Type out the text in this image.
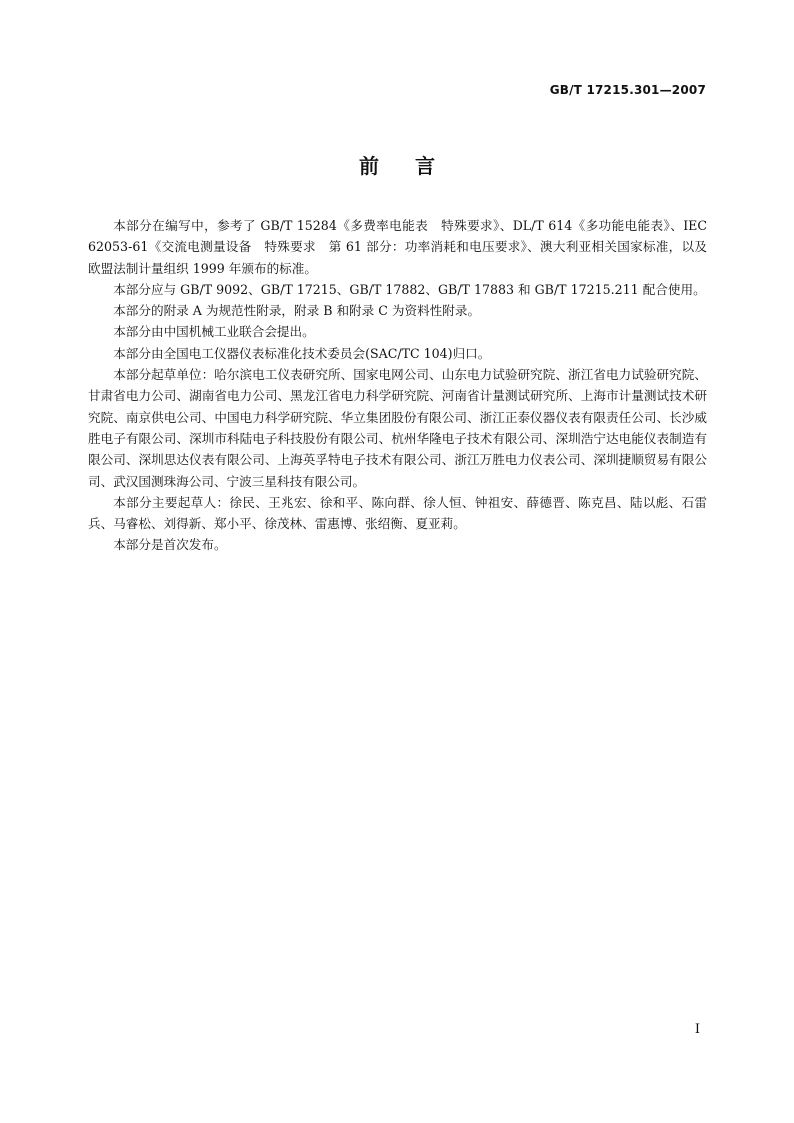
GB/T 17215.301—2007
前言

本部分在编写中，参考了 GB/T 15284《多费率电能表　特殊要求》、DL/T 614《多功能电能表》、IEC 62053-61《交流电测量设备　特殊要求　第 61 部分：功率消耗和电压要求》、澳大利亚相关国家标准，以及欧盟法制计量组织 1999 年颁布的标准。

本部分应与 GB/T 9092、GB/T 17215、GB/T 17882、GB/T 17883 和 GB/T 17215.211 配合使用。

本部分的附录 A 为规范性附录，附录 B 和附录 C 为资料性附录。

本部分由中国机械工业联合会提出。

本部分由全国电工仪器仪表标准化技术委员会(SAC/TC 104)归口。

本部分起草单位：哈尔滨电工仪表研究所、国家电网公司、山东电力试验研究院、浙江省电力试验研究院、甘肃省电力公司、湖南省电力公司、黑龙江省电力科学研究院、河南省计量测试研究所、上海市计量测试技术研究院、南京供电公司、中国电力科学研究院、华立集团股份有限公司、浙江正泰仪器仪表有限责任公司、长沙威胜电子有限公司、深圳市科陆电子科技股份有限公司、杭州华隆电子技术有限公司、深圳浩宁达电能仪表制造有限公司、深圳思达仪表有限公司、上海英孚特电子技术有限公司、浙江万胜电力仪表公司、深圳捷顺贸易有限公司、武汉国测珠海公司、宁波三星科技有限公司。

本部分主要起草人：徐民、王兆宏、徐和平、陈向群、徐人恒、钟祖安、薛德晋、陈克昌、陆以彪、石雷兵、马睿松、刘得新、郑小平、徐茂林、雷惠博、张绍衡、夏亚莉。

本部分是首次发布。

I
